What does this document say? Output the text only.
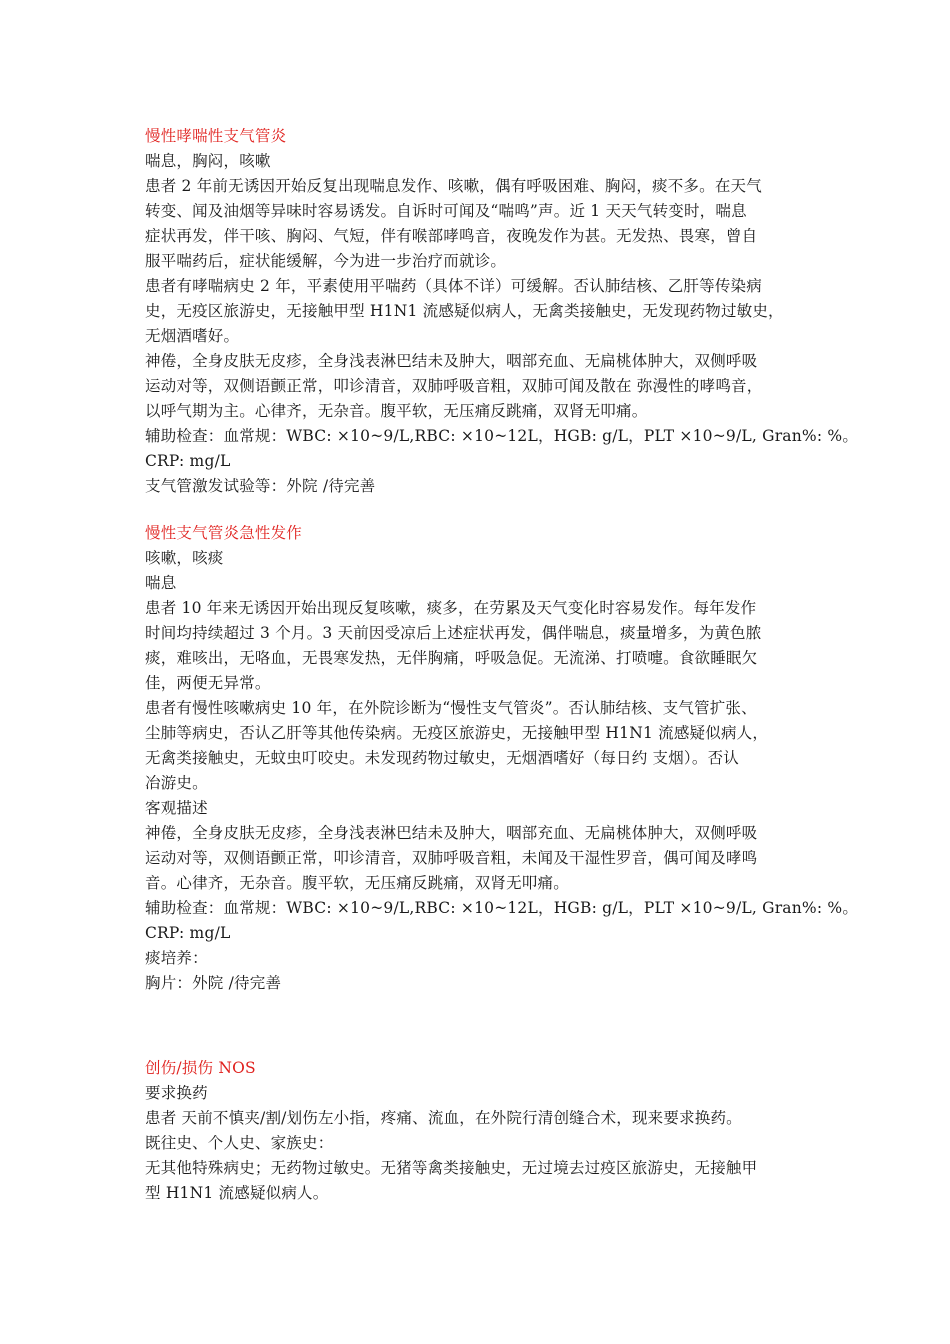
慢性哮喘性支气管炎
喘息，胸闷，咳嗽
患者 2 年前无诱因开始反复出现喘息发作、咳嗽，偶有呼吸困难、胸闷，痰不多。在天气
转变、闻及油烟等异味时容易诱发。自诉时可闻及“喘鸣”声。近 1 天天气转变时，喘息
症状再发，伴干咳、胸闷、气短，伴有喉部哮鸣音，夜晚发作为甚。无发热、畏寒，曾自
服平喘药后，症状能缓解，今为进一步治疗而就诊。
患者有哮喘病史 2 年，平素使用平喘药（具体不详）可缓解。否认肺结核、乙肝等传染病
史，无疫区旅游史，无接触甲型 H1N1 流感疑似病人，无禽类接触史，无发现药物过敏史，
无烟酒嗜好。
神倦，全身皮肤无皮疹，全身浅表淋巴结未及肿大，咽部充血、无扁桃体肿大，双侧呼吸
运动对等，双侧语颤正常，叩诊清音，双肺呼吸音粗，双肺可闻及散在 弥漫性的哮鸣音，
以呼气期为主。心律齐，无杂音。腹平软，无压痛反跳痛，双肾无叩痛。
辅助检查：血常规：WBC: ×10~9/L,RBC: ×10~12L，HGB: g/L，PLT ×10~9/L, Gran%: %。
CRP: mg/L
支气管激发试验等：外院 /待完善
慢性支气管炎急性发作
咳嗽，咳痰
喘息
患者 10 年来无诱因开始出现反复咳嗽，痰多，在劳累及天气变化时容易发作。每年发作
时间均持续超过 3 个月。3 天前因受凉后上述症状再发，偶伴喘息，痰量增多，为黄色脓
痰，难咳出，无咯血，无畏寒发热，无伴胸痛，呼吸急促。无流涕、打喷嚏。食欲睡眠欠
佳，两便无异常。
患者有慢性咳嗽病史 10 年，在外院诊断为“慢性支气管炎”。否认肺结核、支气管扩张、
尘肺等病史，否认乙肝等其他传染病。无疫区旅游史，无接触甲型 H1N1 流感疑似病人，
无禽类接触史，无蚊虫叮咬史。未发现药物过敏史，无烟酒嗜好（每日约 支烟）。否认
冶游史。
客观描述
神倦，全身皮肤无皮疹，全身浅表淋巴结未及肿大，咽部充血、无扁桃体肿大，双侧呼吸
运动对等，双侧语颤正常，叩诊清音，双肺呼吸音粗，未闻及干湿性罗音，偶可闻及哮鸣
音。心律齐，无杂音。腹平软，无压痛反跳痛，双肾无叩痛。
辅助检查：血常规：WBC: ×10~9/L,RBC: ×10~12L，HGB: g/L，PLT ×10~9/L, Gran%: %。
CRP: mg/L
痰培养：
胸片：外院 /待完善
创伤/损伤 NOS
要求换药
患者 天前不慎夹/割/划伤左小指，疼痛、流血，在外院行清创缝合术，现来要求换药。
既往史、个人史、家族史：
无其他特殊病史；无药物过敏史。无猪等禽类接触史，无过境去过疫区旅游史，无接触甲
型 H1N1 流感疑似病人。
